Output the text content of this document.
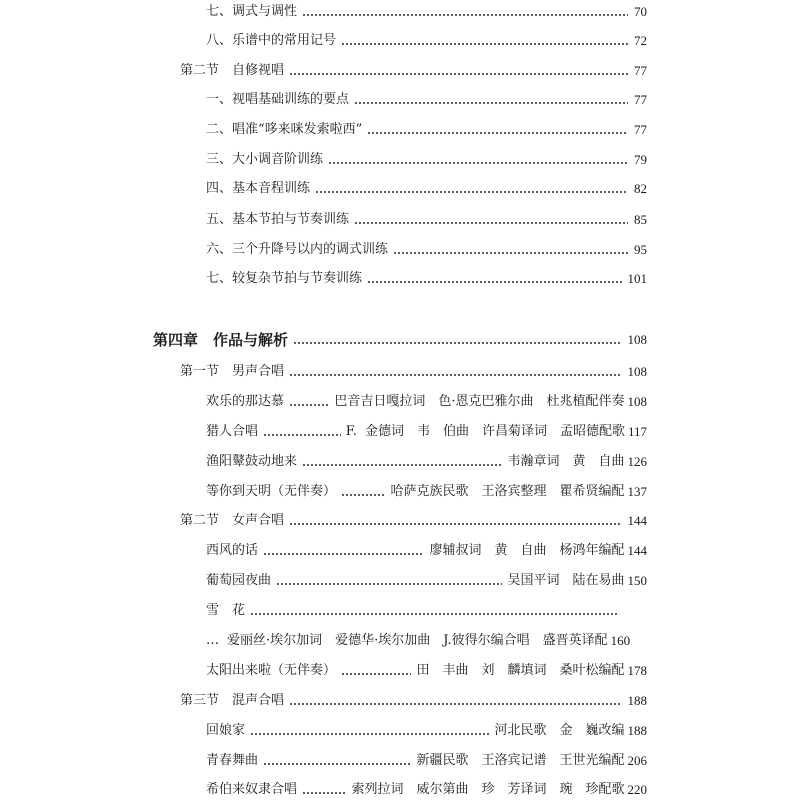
七、调式与调性	70
八、乐谱中的常用记号	72
第二节　自修视唱	77
一、视唱基础训练的要点	77
二、唱准“哆来咪发索啦西”	77
三、大小调音阶训练	79
四、基本音程训练	82
五、基本节拍与节奏训练	85
六、三个升降号以内的调式训练	95
七、较复杂节拍与节奏训练	101
第四章　作品与解析	108
第一节　男声合唱	108
欢乐的那达慕	巴音吉日嘎拉词　色·恩克巴雅尔曲　杜兆植配伴奏 108
猎人合唱	F. 金德词　韦　伯曲　许昌菊译词　孟昭德配歌 117
渔阳鼙鼓动地来	韦瀚章词　黄　自曲 126
等你到天明（无伴奏）	哈萨克族民歌　王洛宾整理　瞿希贤编配 137
第二节　女声合唱	144
西风的话	廖辅叔词　黄　自曲　杨鸿年编配 144
葡萄园夜曲	吴国平词　陆在易曲 150
雪　花
… 爱丽丝·埃尔加词　爱德华·埃尔加曲　J.彼得尔编合唱　盛晋英译配 160
太阳出来啦（无伴奏）	田　丰曲　刘　麟填词　桑叶松编配 178
第三节　混声合唱	188
回娘家	河北民歌　金　巍改编 188
青春舞曲	新疆民歌　王洛宾记谱　王世光编配 206
希伯来奴隶合唱	索列拉词　威尔第曲　珍　芳译词　琬　珍配歌 220
